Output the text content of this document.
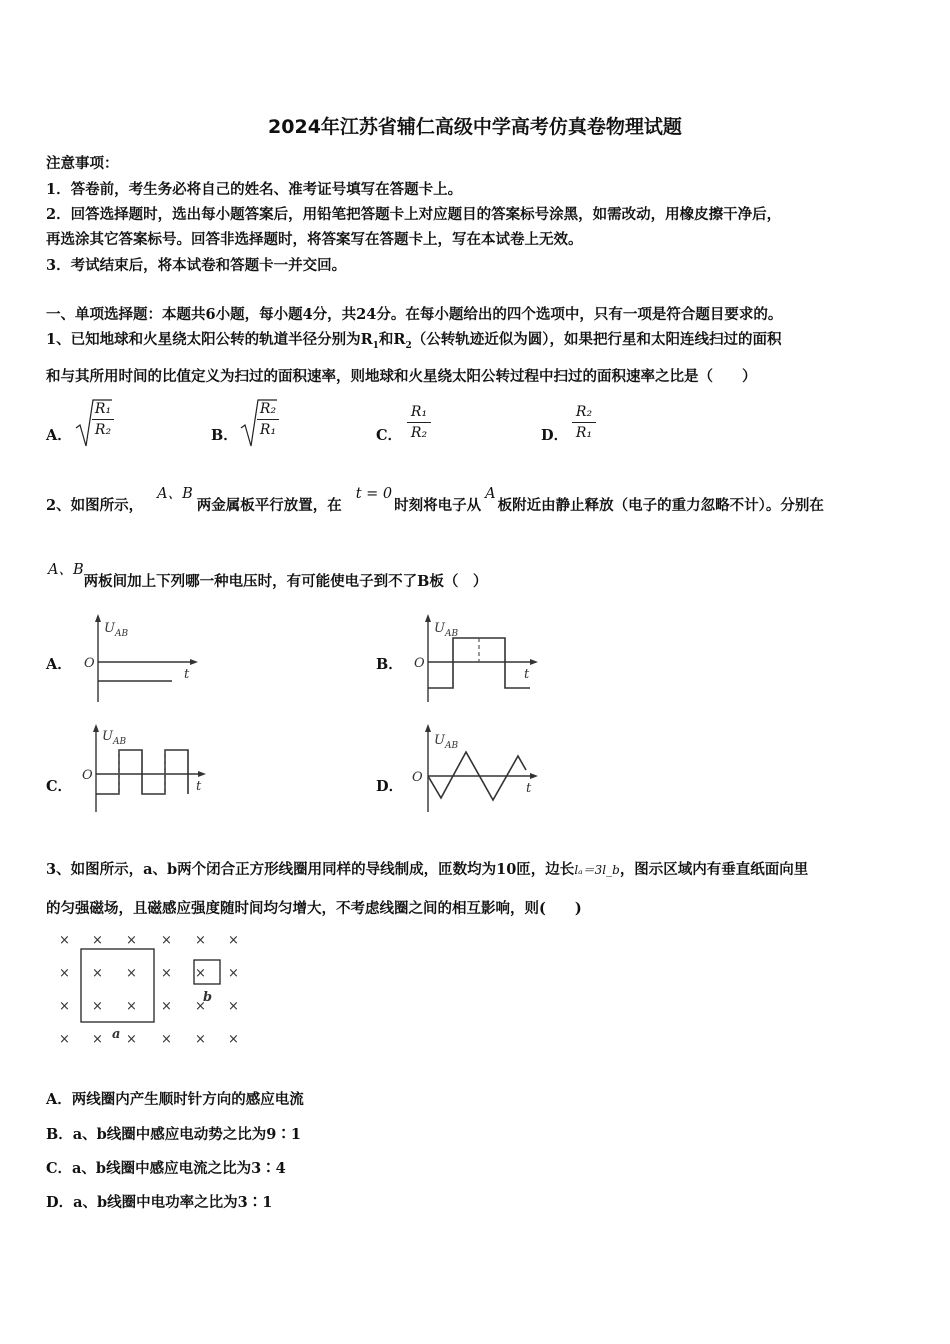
2024年江苏省辅仁高级中学高考仿真卷物理试题
注意事项：
1．答卷前，考生务必将自己的姓名、准考证号填写在答题卡上。
2．回答选择题时，选出每小题答案后，用铅笔把答题卡上对应题目的答案标号涂黑，如需改动，用橡皮擦干净后，
再选涂其它答案标号。回答非选择题时，将答案写在答题卡上，写在本试卷上无效。
3．考试结束后，将本试卷和答题卡一并交回。
一、单项选择题：本题共6小题，每小题4分，共24分。在每小题给出的四个选项中，只有一项是符合题目要求的。
1、已知地球和火星绕太阳公转的轨道半径分别为$R_1$和$R_2$（公转轨迹近似为圆），如果把行星和太阳连线扫过的面积
和与其所用时间的比值定义为扫过的面积速率，则地球和火星绕太阳公转过程中扫过的面积速率之比是（　　）
A．
R₁
R₂	B．
R₂
R₁	C．
R₁
R₂	D．
R₂
R₁
2、如图所示，A、B两金属板平行放置，在t = 0时刻将电子从A板附近由静止释放（电子的重力忽略不计）。分别在
A、B两板间加上下列哪一种电压时，有可能使电子到不了B板（　）
A．
U AB
O
t
B．
U AB
O
t
C．
U AB
O
t	D．
U AB
O
t
3、如图所示，a、b两个闭合正方形线圈用同样的导线制成，匝数均为10匝，边长lₐ＝3l_b，图示区域内有垂直纸面向里
的匀强磁场，且磁感应强度随时间均匀增大，不考虑线圈之间的相互影响，则(　　)
× × × × × ×
× × × × × ×
× × × × × ×
× × × × × ×
a
b
A．两线圈内产生顺时针方向的感应电流
B．a、b线圈中感应电动势之比为9∶1
C．a、b线圈中感应电流之比为3∶4
D．a、b线圈中电功率之比为3∶1
